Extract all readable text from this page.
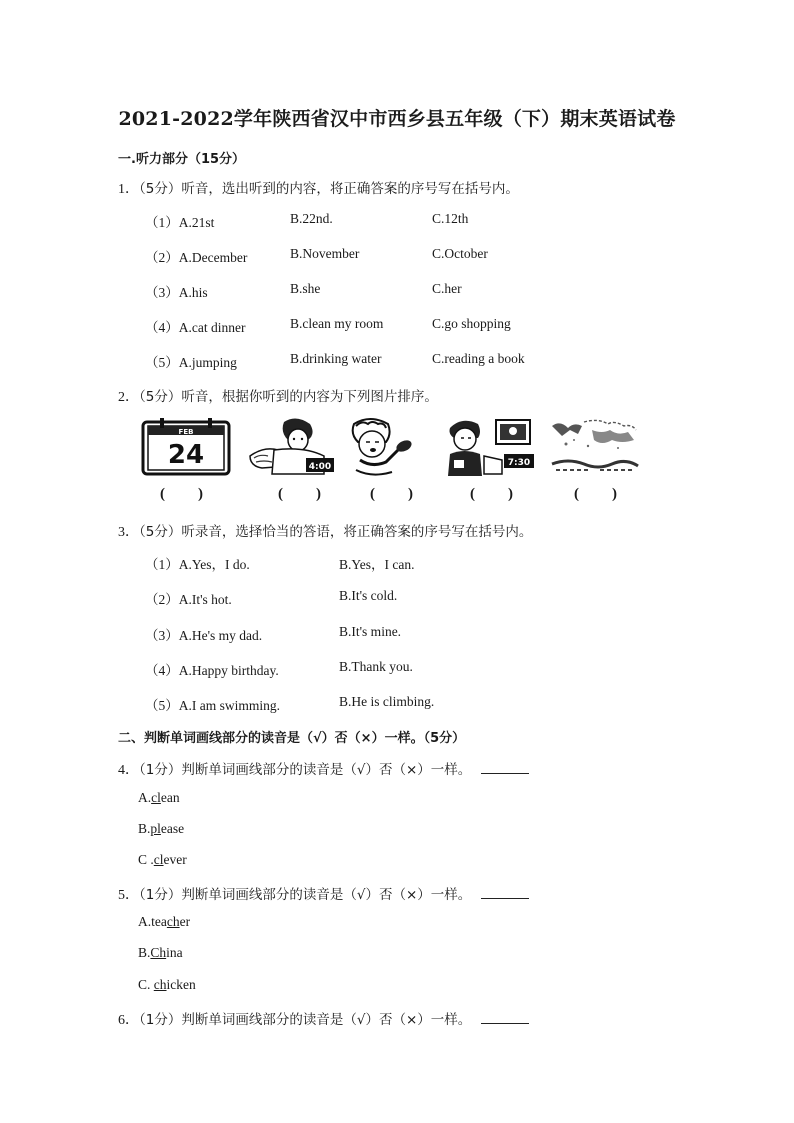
2021-2022学年陕西省汉中市西乡县五年级（下）期末英语试卷
一.听力部分（15分）
1．（5分）听音，选出听到的内容，将正确答案的序号写在括号内。
（1）A.21st	B.22nd.	C.12th
（2）A.December	B.November	C.October
（3）A.his	B.she	C.her
（4）A.cat dinner	B.clean my room	C.go shopping
（5）A.jumping	B.drinking water	C.reading a book
2．（5分）听音，根据你听到的内容为下列图片排序。
FEB
24	4:00	7:30
( )	( )	( )	( )	( )
3．（5分）听录音，选择恰当的答语，将正确答案的序号写在括号内。
（1）A.Yes，I do.	B.Yes，I can.
（2）A.It's hot.	B.It's cold.
（3）A.He's my dad.	B.It's mine.
（4）A.Happy birthday.	B.Thank you.
（5）A.I am swimming.	B.He is climbing.
二、判断单词画线部分的读音是（√）否（×）一样。（5分）
4．（1分）判断单词画线部分的读音是（√）否（×）一样。
A.clean
B.please
C .clever
5．（1分）判断单词画线部分的读音是（√）否（×）一样。
A.teacher
B.China
C. chicken
6．（1分）判断单词画线部分的读音是（√）否（×）一样。
